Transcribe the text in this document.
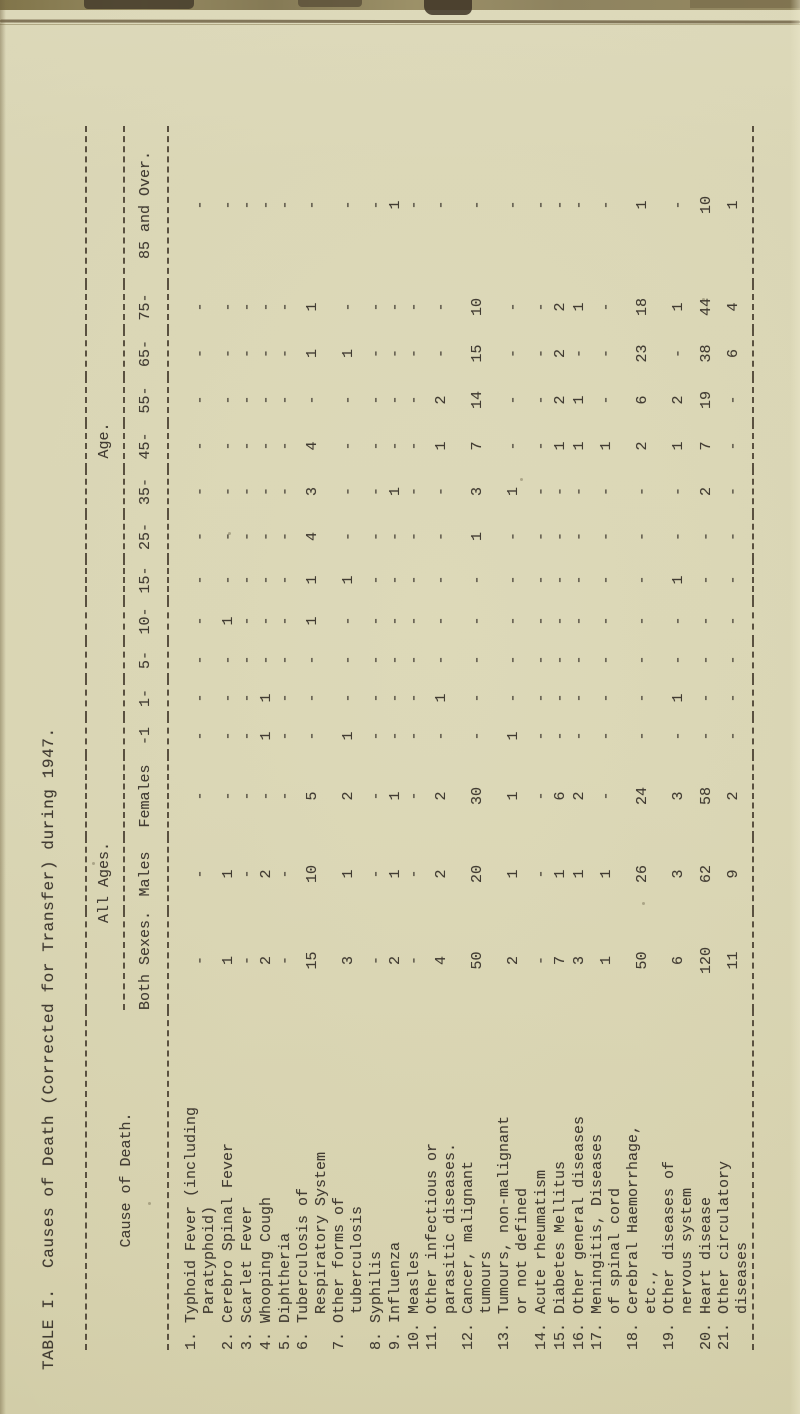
TABLE I.  Causes of Death (Corrected for Transfer) during 1947.	Cause of Death.	All Ages.			Age.											
	Both Sexes.	Males	Females	-1	1-	5-	10-	15-	25-	35-	45-	55-	65-	75-	85 and Over.

1. Typhoid Fever (including Paratyphoid)	-	-	-	-	-	-	-	-	-	-	-	-	-	-	-

2. Cerebro Spinal Fever	1	1	-	-	-	-	1	-	-	-	-	-	-	-	-

3. Scarlet Fever	-	-	-	-	-	-	-	-	-	-	-	-	-	-	-

4. Whooping Cough	2	2	-	1	1	-	-	-	-	-	-	-	-	-	-

5. Diphtheria	-	-	-	-	-	-	-	-	-	-	-	-	-	-	-

6. Tuberculosis of Respiratory System	15	10	5	-	-	-	1	1	4	3	4	-	1	1	-

7. Other forms of tuberculosis	3	1	2	1	-	-	-	1	-	-	-	-	1	-	-

8. Syphilis	-	-	-	-	-	-	-	-	-	-	-	-	-	-	-

9. Influenza	2	1	1	-	-	-	-	-	-	1	-	-	-	-	1

10. Measles	-	-	-	-	-	-	-	-	-	-	-	-	-	-	-

11. Other infectious or parasitic diseases.	4	2	2	-	1	-	-	-	-	-	1	2	-	-	-

12. Cancer, malignant tumours	50	20	30	-	-	-	-	-	1	3	7	14	15	10	-

13. Tumours, non-malignant or not defined	2	1	1	1	-	-	-	-	-	1	-	-	-	-	-

14. Acute rheumatism	-	-	-	-	-	-	-	-	-	-	-	-	-	-	-

15. Diabetes Mellitus	7	1	6	-	-	-	-	-	-	-	1	2	2	2	-

16. Other general diseases	3	1	2	-	-	-	-	-	-	-	1	1	-	1	-

17. Meningitis, Diseases of spinal cord	1	1	-	-	-	-	-	-	-	-	1	-	-	-	-

18. Cerebral Haemorrhage, etc.,	50	26	24	-	-	-	-	-	-	-	2	6	23	18	1

19. Other diseases of nervous system	6	3	3	-	1	-	-	1	-	-	1	2	-	1	-

20. Heart disease	120	62	58	-	-	-	-	-	-	2	7	19	38	44	10

21. Other circulatory diseases	11	9	2	-	-	-	-	-	-	-	-	-	6	4	1
